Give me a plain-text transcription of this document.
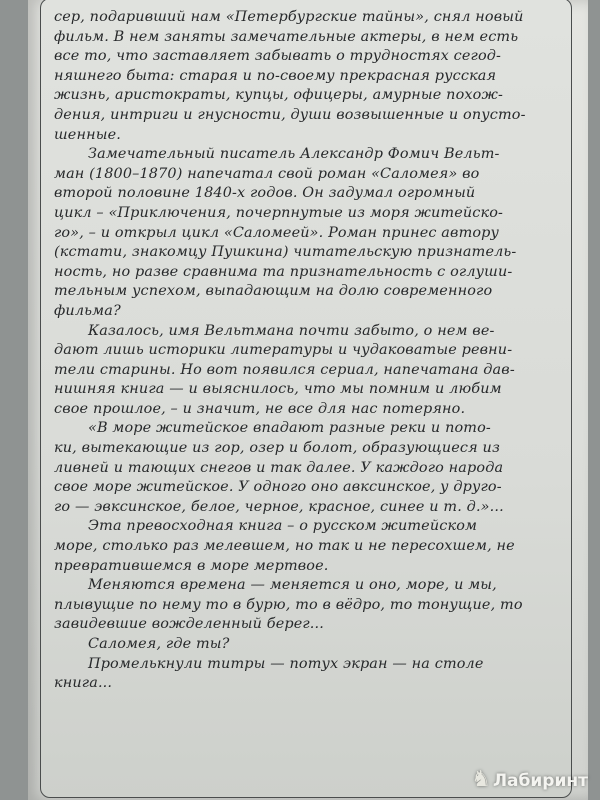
сер, подаривший нам «Петербургские тайны», снял новый
фильм. В нем заняты замечательные актеры, в нем есть
все то, что заставляет забывать о трудностях сегод-
няшнего быта: старая и по-своему прекрасная русская
жизнь, аристократы, купцы, офицеры, амурные похож-
дения, интриги и гнусности, души возвышенные и опусто-
шенные.
Замечательный писатель Александр Фомич Вельт-
ман (1800–1870) напечатал свой роман «Саломея» во
второй половине 1840-х годов. Он задумал огромный
цикл – «Приключения, почерпнутые из моря житейско-
го», – и открыл цикл «Саломеей». Роман принес автору
(кстати, знакомцу Пушкина) читательскую признатель-
ность, но разве сравнима та признательность с оглуши-
тельным успехом, выпадающим на долю современного
фильма?
Казалось, имя Вельтмана почти забыто, о нем ве-
дают лишь историки литературы и чудаковатые ревни-
тели старины. Но вот появился сериал, напечатана дав-
нишняя книга — и выяснилось, что мы помним и любим
свое прошлое, – и значит, не все для нас потеряно.
«В море житейское впадают разные реки и пото-
ки, вытекающие из гор, озер и болот, образующиеся из
ливней и тающих снегов и так далее. У каждого народа
свое море житейское. У одного оно авксинское, у друго-
го — эвксинское, белое, черное, красное, синее и т. д.»...
Эта превосходная книга – о русском житейском
море, столько раз мелевшем, но так и не пересохшем, не
превратившемся в море мертвое.
Меняются времена — меняется и оно, море, и мы,
плывущие по нему то в бурю, то в вёдро, то тонущие, то
завидевшие вожделенный берег...
Саломея, где ты?
Промелькнули титры — потух экран — на столе
книга...
♞ Лабиринт
